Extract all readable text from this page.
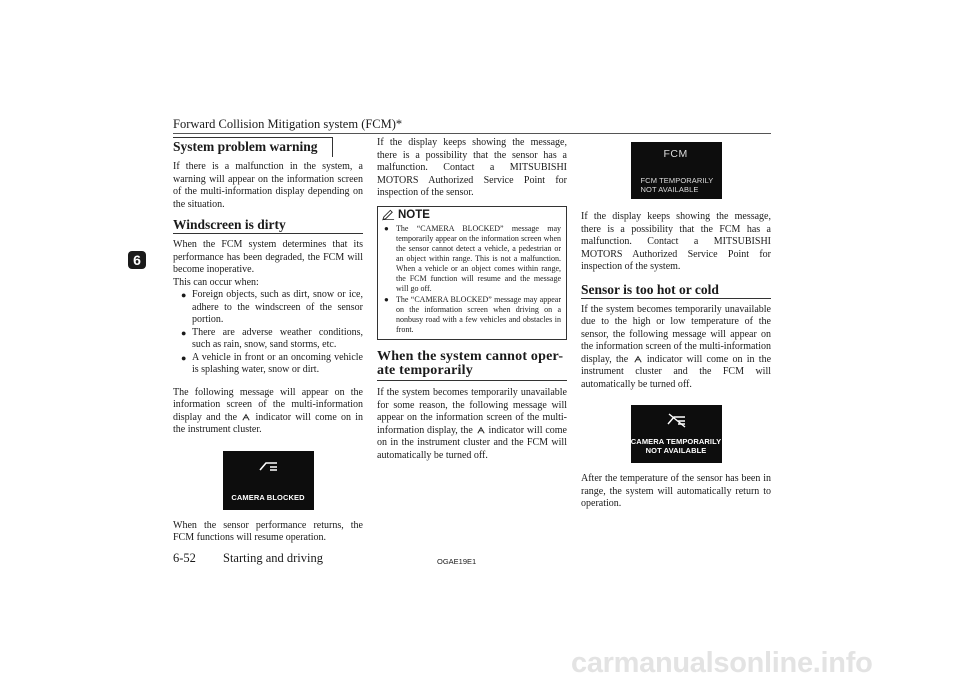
Forward Collision Mitigation system (FCM)*
6
System problem warning

If there is a malfunction in the system, a warning will appear on the information screen of the multi-information display depending on the situation.

Windscreen is dirty

When the FCM system determines that its performance has been degraded, the FCM will become inoperative.

This can occur when:

● Foreign objects, such as dirt, snow or ice, adhere to the windscreen of the sensor portion.
● There are adverse weather conditions, such as rain, snow, sand storms, etc.
● A vehicle in front or an oncoming vehicle is splashing water, snow or dirt.

The following message will appear on the information screen of the multi-information display and the indicator will come on in the instrument cluster.

CAMERA BLOCKED

When the sensor performance returns, the FCM functions will resume operation.

If the display keeps showing the message, there is a possibility that the sensor has a malfunction. Contact a MITSUBISHI MOTORS Authorized Service Point for inspection of the sensor.

NOTE
● The “CAMERA BLOCKED” message may temporarily appear on the information screen when the sensor cannot detect a vehicle, a pedestrian or an object within range. This is not a malfunction. When a vehicle or an object comes within range, the FCM function will resume and the message will go off.
● The “CAMERA BLOCKED” message may appear on the information screen when driving on a nonbusy road with a few vehicles and obstacles in front.
When the system cannot oper-
ate temporarily

If the system becomes temporarily unavailable for some reason, the following message will appear on the information screen of the multi-information display, the indicator will come on in the instrument cluster and the FCM will automatically be turned off.

FCM
FCM TEMPORARILY
NOT AVAILABLE

If the display keeps showing the message, there is a possibility that the FCM has a malfunction. Contact a MITSUBISHI MOTORS Authorized Service Point for inspection of the system.

Sensor is too hot or cold

If the system becomes temporarily unavailable due to the high or low temperature of the sensor, the following message will appear on the information screen of the multi-information display, the indicator will come on in the instrument cluster and the FCM will automatically be turned off.

CAMERA TEMPORARILY
NOT AVAILABLE

After the temperature of the sensor has been in range, the system will automatically return to operation.

6-52 Starting and driving	OGAE19E1
carmanualsonline.info
